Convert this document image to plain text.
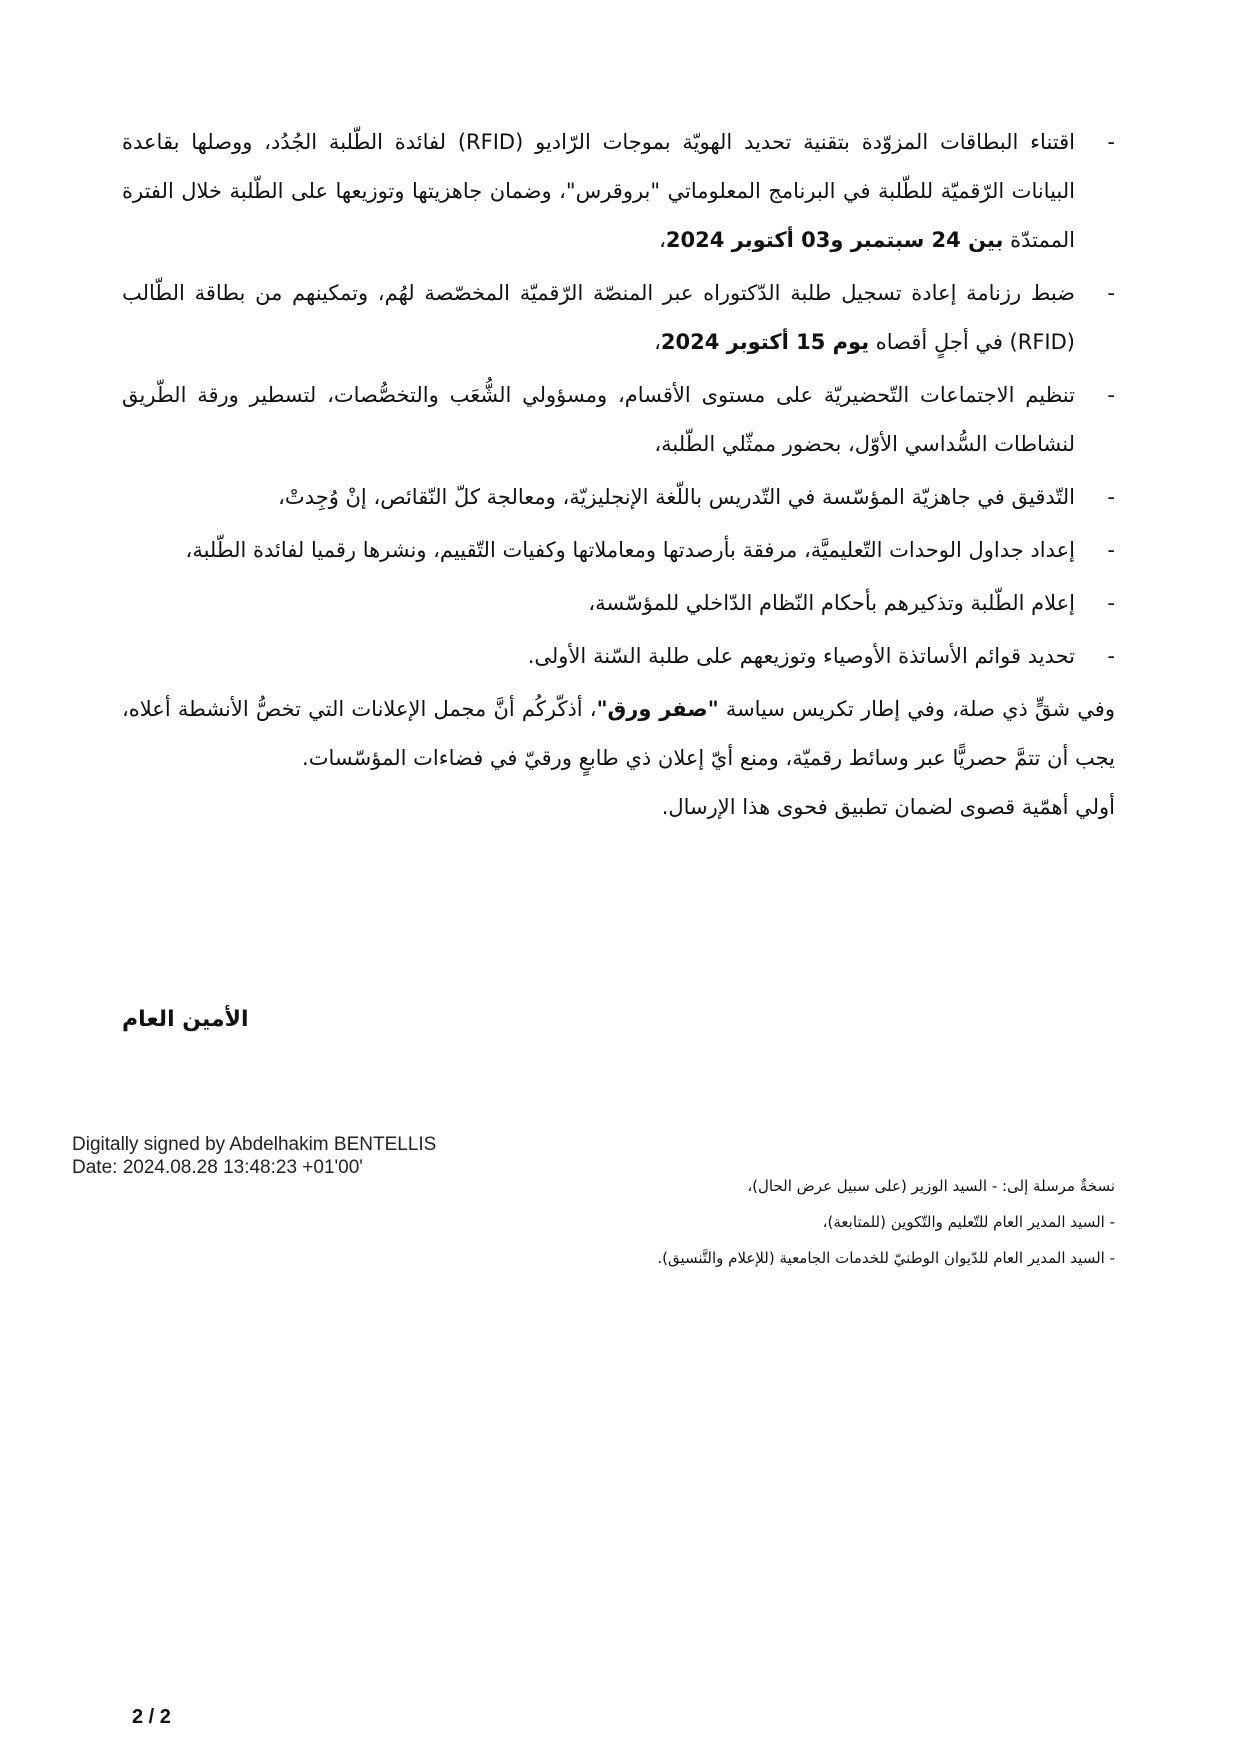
-
اقتناء البطاقات المزوّدة بتقنية تحديد الهويّة بموجات الرّاديو (RFID) لفائدة الطّلبة الجُدُد، ووصلها بقاعدة البيانات الرّقميّة للطّلبة في البرنامج المعلوماتي "بروقرس"، وضمان جاهزيتها وتوزيعها على الطّلبة خلال الفترة الممتدّة بين 24 سبتمبر و03 أكتوبر 2024،
-
ضبط رزنامة إعادة تسجيل طلبة الدّكتوراه عبر المنصّة الرّقميّة المخصّصة لهُم، وتمكينهم من بطاقة الطّالب (RFID) في أجلٍ أقصاه يوم 15 أكتوبر 2024،
-
تنظيم الاجتماعات التّحضيريّة على مستوى الأقسام، ومسؤولي الشُّعَب والتخصُّصات، لتسطير ورقة الطّريق لنشاطات السُّداسي الأوّل، بحضور ممثّلي الطّلبة،
-
التّدقيق في جاهزيّة المؤسّسة في التّدريس باللّغة الإنجليزيّة، ومعالجة كلّ النّقائص، إنْ وُجِدتْ،
-
إعداد جداول الوحدات التّعليميَّة، مرفقة بأرصدتها ومعاملاتها وكفيات التّقييم، ونشرها رقميا لفائدة الطّلبة،
-
إعلام الطّلبة وتذكيرهم بأحكام النّظام الدّاخلي للمؤسّسة،
-
تحديد قوائم الأساتذة الأوصياء وتوزيعهم على طلبة السّنة الأولى.
وفي شقٍّ ذي صلة، وفي إطار تكريس سياسة "صفر ورق"، أذكّركُم أنَّ مجمل الإعلانات التي تخصُّ الأنشطة أعلاه، يجب أن تتمَّ حصريًّا عبر وسائط رقميّة، ومنع أيّ إعلان ذي طابعٍ ورقيّ في فضاءات المؤسّسات.
أولي أهمّية قصوى لضمان تطبيق فحوى هذا الإرسال.
الأمين العام
Digitally signed by Abdelhakim BENTELLIS
Date: 2024.08.28 13:48:23 +01'00'
نسخةٌ مرسلة إلى: - السيد الوزير (على سبيل عرض الحال)،
- السيد المدير العام للتّعليم والتّكوين (للمتابعة)،
- السيد المدير العام للدّيوان الوطنيّ للخدمات الجامعية (للإعلام والتَّنسيق).
2 / 2
